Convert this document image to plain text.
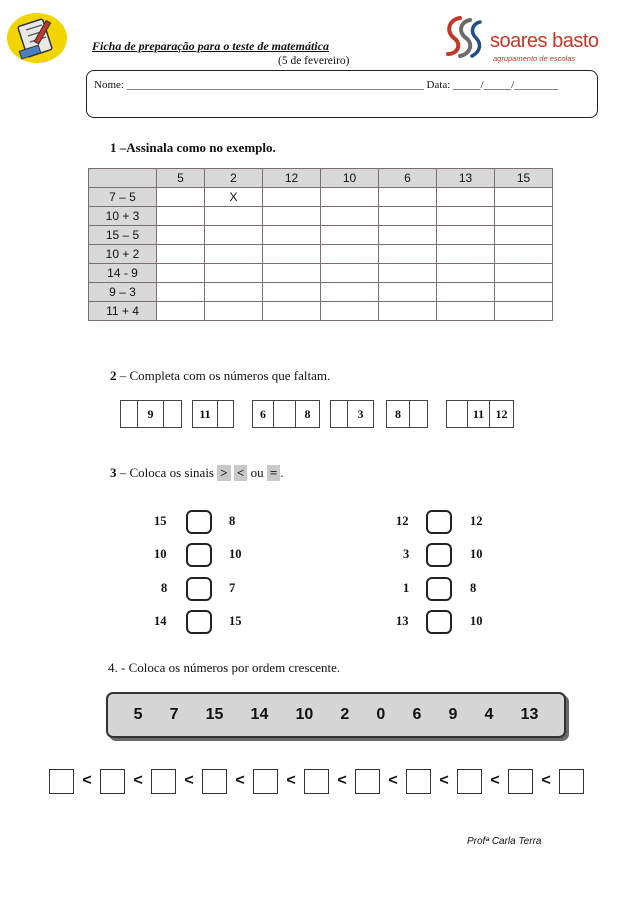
Ficha de preparação para o teste de matemática
(5 de fevereiro)
soares basto
agrupamento de escolas
Nome: ______________________________________________________ Data: _____/_____/________
1 –Assinala como no exemplo.
	5	2	12	10	6	13	15
7 – 5		X					
10 + 3							
15 – 5							
10 + 2							
14 - 9							
9 – 3							
11 + 4							
2 – Completa com os números que faltam.
9	11	6	8	3	8	11 12
3 – Coloca os sinais > < ou = .
15	8
10	10
8	7
14	15
12	12
3	10
1	8
13	10
4. - Coloca os números por ordem crescente.
5 7 15 14 10 2 0 6 9 4 13
<	<	<	<	<	<	<	<	<	<
Profª Carla Terra
